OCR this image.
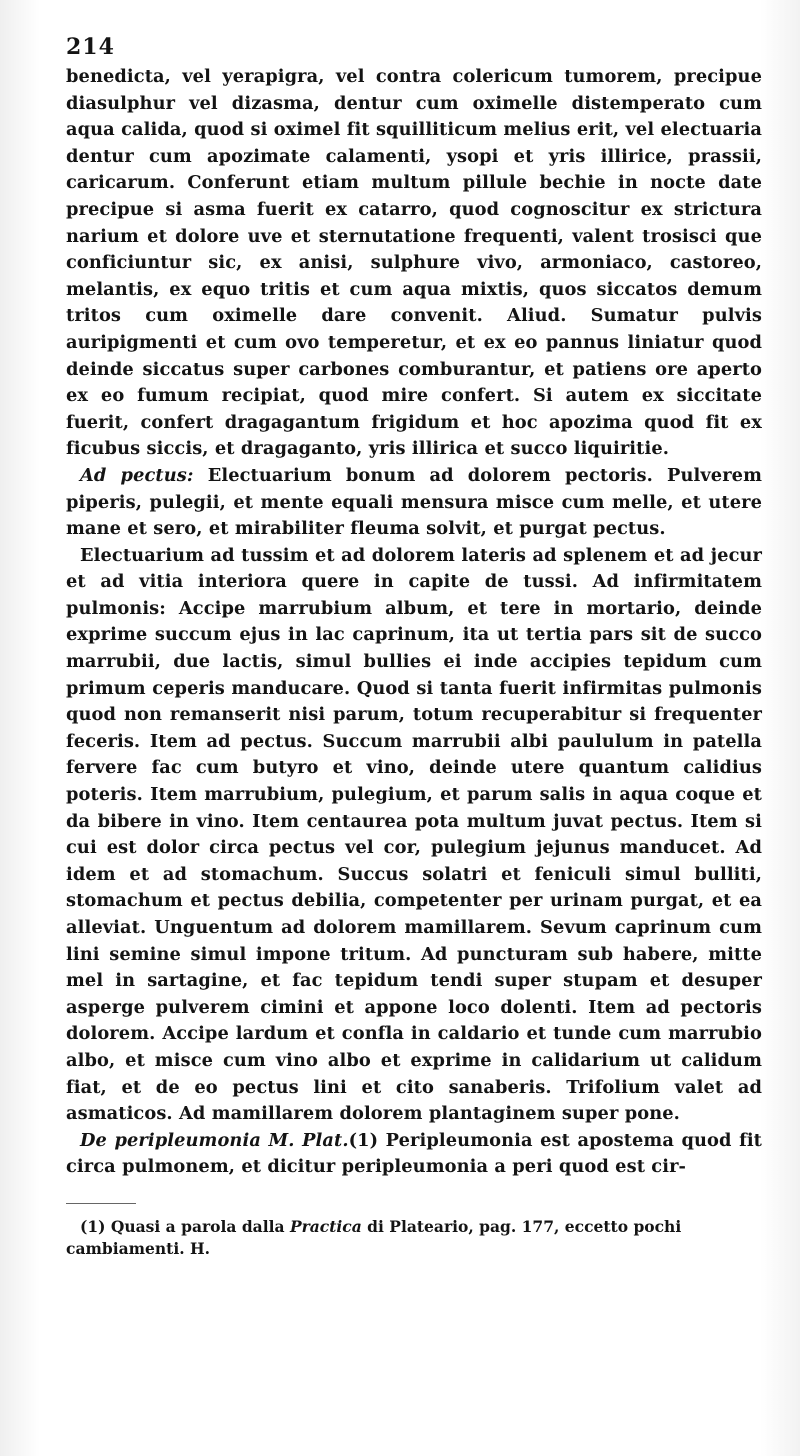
214

benedicta, vel yerapigra, vel contra colericum tumorem, precipue diasulphur vel dizasma, dentur cum oximelle distemperato cum aqua calida, quod si oximel fit squilliticum melius erit, vel electuaria dentur cum apozimate calamenti, ysopi et yris illirice, prassii, caricarum. Conferunt etiam multum pillule bechie in nocte date precipue si asma fuerit ex catarro, quod cognoscitur ex strictura narium et dolore uve et sternutatione frequenti, valent trosisci que conficiuntur sic, ex anisi, sulphure vivo, armoniaco, castoreo, melantis, ex equo tritis et cum aqua mixtis, quos siccatos demum tritos cum oximelle dare convenit. Aliud. Sumatur pulvis auripigmenti et cum ovo temperetur, et ex eo pannus liniatur quod deinde siccatus super carbones comburantur, et patiens ore aperto ex eo fumum recipiat, quod mire confert. Si autem ex siccitate fuerit, confert dragagantum frigidum et hoc apozima quod fit ex ficubus siccis, et dragaganto, yris illirica et succo liquiritie.

Ad pectus: Electuarium bonum ad dolorem pectoris. Pulverem piperis, pulegii, et mente equali mensura misce cum melle, et utere mane et sero, et mirabiliter fleuma solvit, et purgat pectus.

Electuarium ad tussim et ad dolorem lateris ad splenem et ad jecur et ad vitia interiora quere in capite de tussi. Ad infirmitatem pulmonis: Accipe marrubium album, et tere in mortario, deinde exprime succum ejus in lac caprinum, ita ut tertia pars sit de succo marrubii, due lactis, simul bullies ei inde accipies tepidum cum primum ceperis manducare. Quod si tanta fuerit infirmitas pulmonis quod non remanserit nisi parum, totum recuperabitur si frequenter feceris. Item ad pectus. Succum marrubii albi paululum in patella fervere fac cum butyro et vino, deinde utere quantum calidius poteris. Item marrubium, pulegium, et parum salis in aqua coque et da bibere in vino. Item centaurea pota multum juvat pectus. Item si cui est dolor circa pectus vel cor, pulegium jejunus manducet. Ad idem et ad stomachum. Succus solatri et feniculi simul bulliti, stomachum et pectus debilia, competenter per urinam purgat, et ea alleviat. Unguentum ad dolorem mamillarem. Sevum caprinum cum lini semine simul impone tritum. Ad puncturam sub habere, mitte mel in sartagine, et fac tepidum tendi super stupam et desuper asperge pulverem cimini et appone loco dolenti. Item ad pectoris dolorem. Accipe lardum et confla in caldario et tunde cum marrubio albo, et misce cum vino albo et exprime in calidarium ut calidum fiat, et de eo pectus lini et cito sanaberis. Trifolium valet ad asmaticos. Ad mamillarem dolorem plantaginem super pone.

De peripleumonia M. Plat.(1) Peripleumonia est apostema quod fit circa pulmonem, et dicitur peripleumonia a peri quod est cir-

(1) Quasi a parola dalla Practica di Plateario, pag. 177, eccetto pochi cambiamenti. H.
